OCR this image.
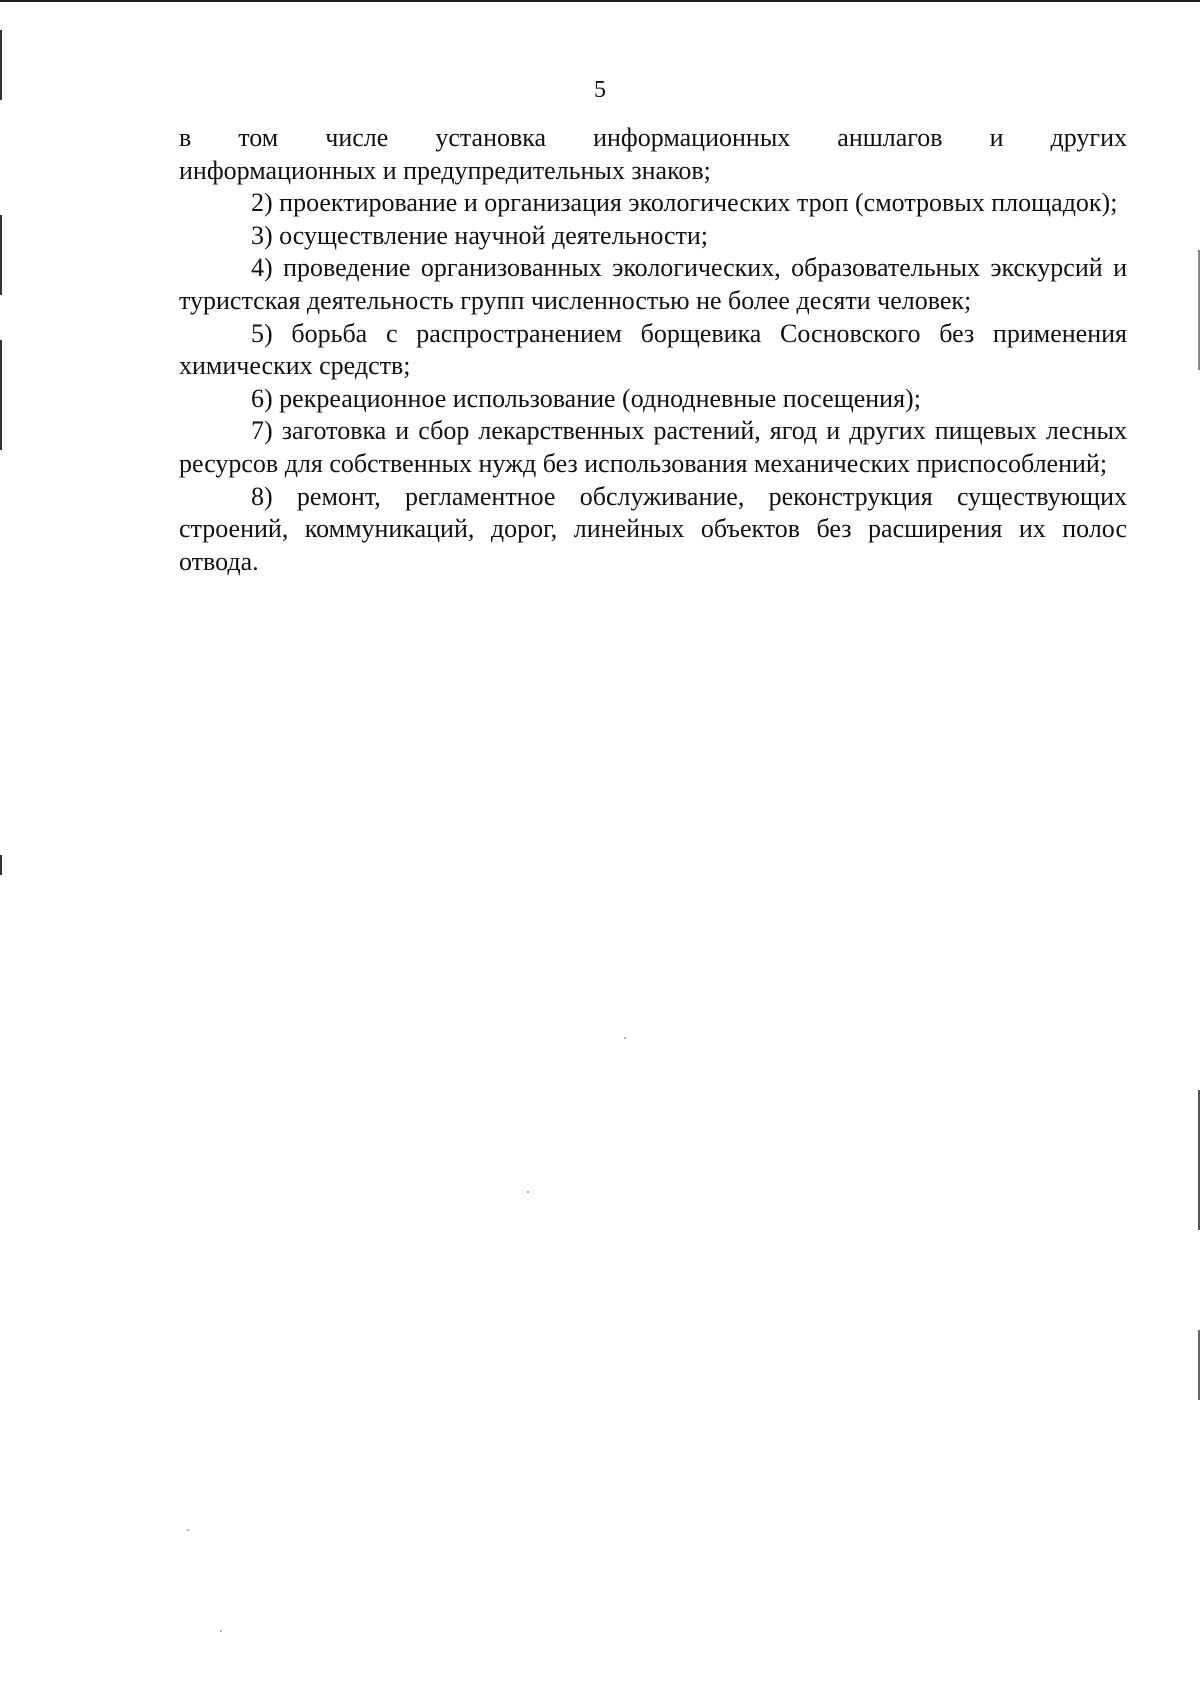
5

в том числе установка информационных аншлагов и других

информационных и предупредительных знаков;

2) проектирование и организация экологических троп (смотровых площадок);

3) осуществление научной деятельности;

4) проведение организованных экологических, образовательных экскурсий и туристская деятельность групп численностью не более десяти человек;

5) борьба с распространением борщевика Сосновского без применения химических средств;

6) рекреационное использование (однодневные посещения);

7) заготовка и сбор лекарственных растений, ягод и других пищевых лесных ресурсов для собственных нужд без использования механических приспособлений;

8) ремонт, регламентное обслуживание, реконструкция существующих строений, коммуникаций, дорог, линейных объектов без расширения их полос отвода.
